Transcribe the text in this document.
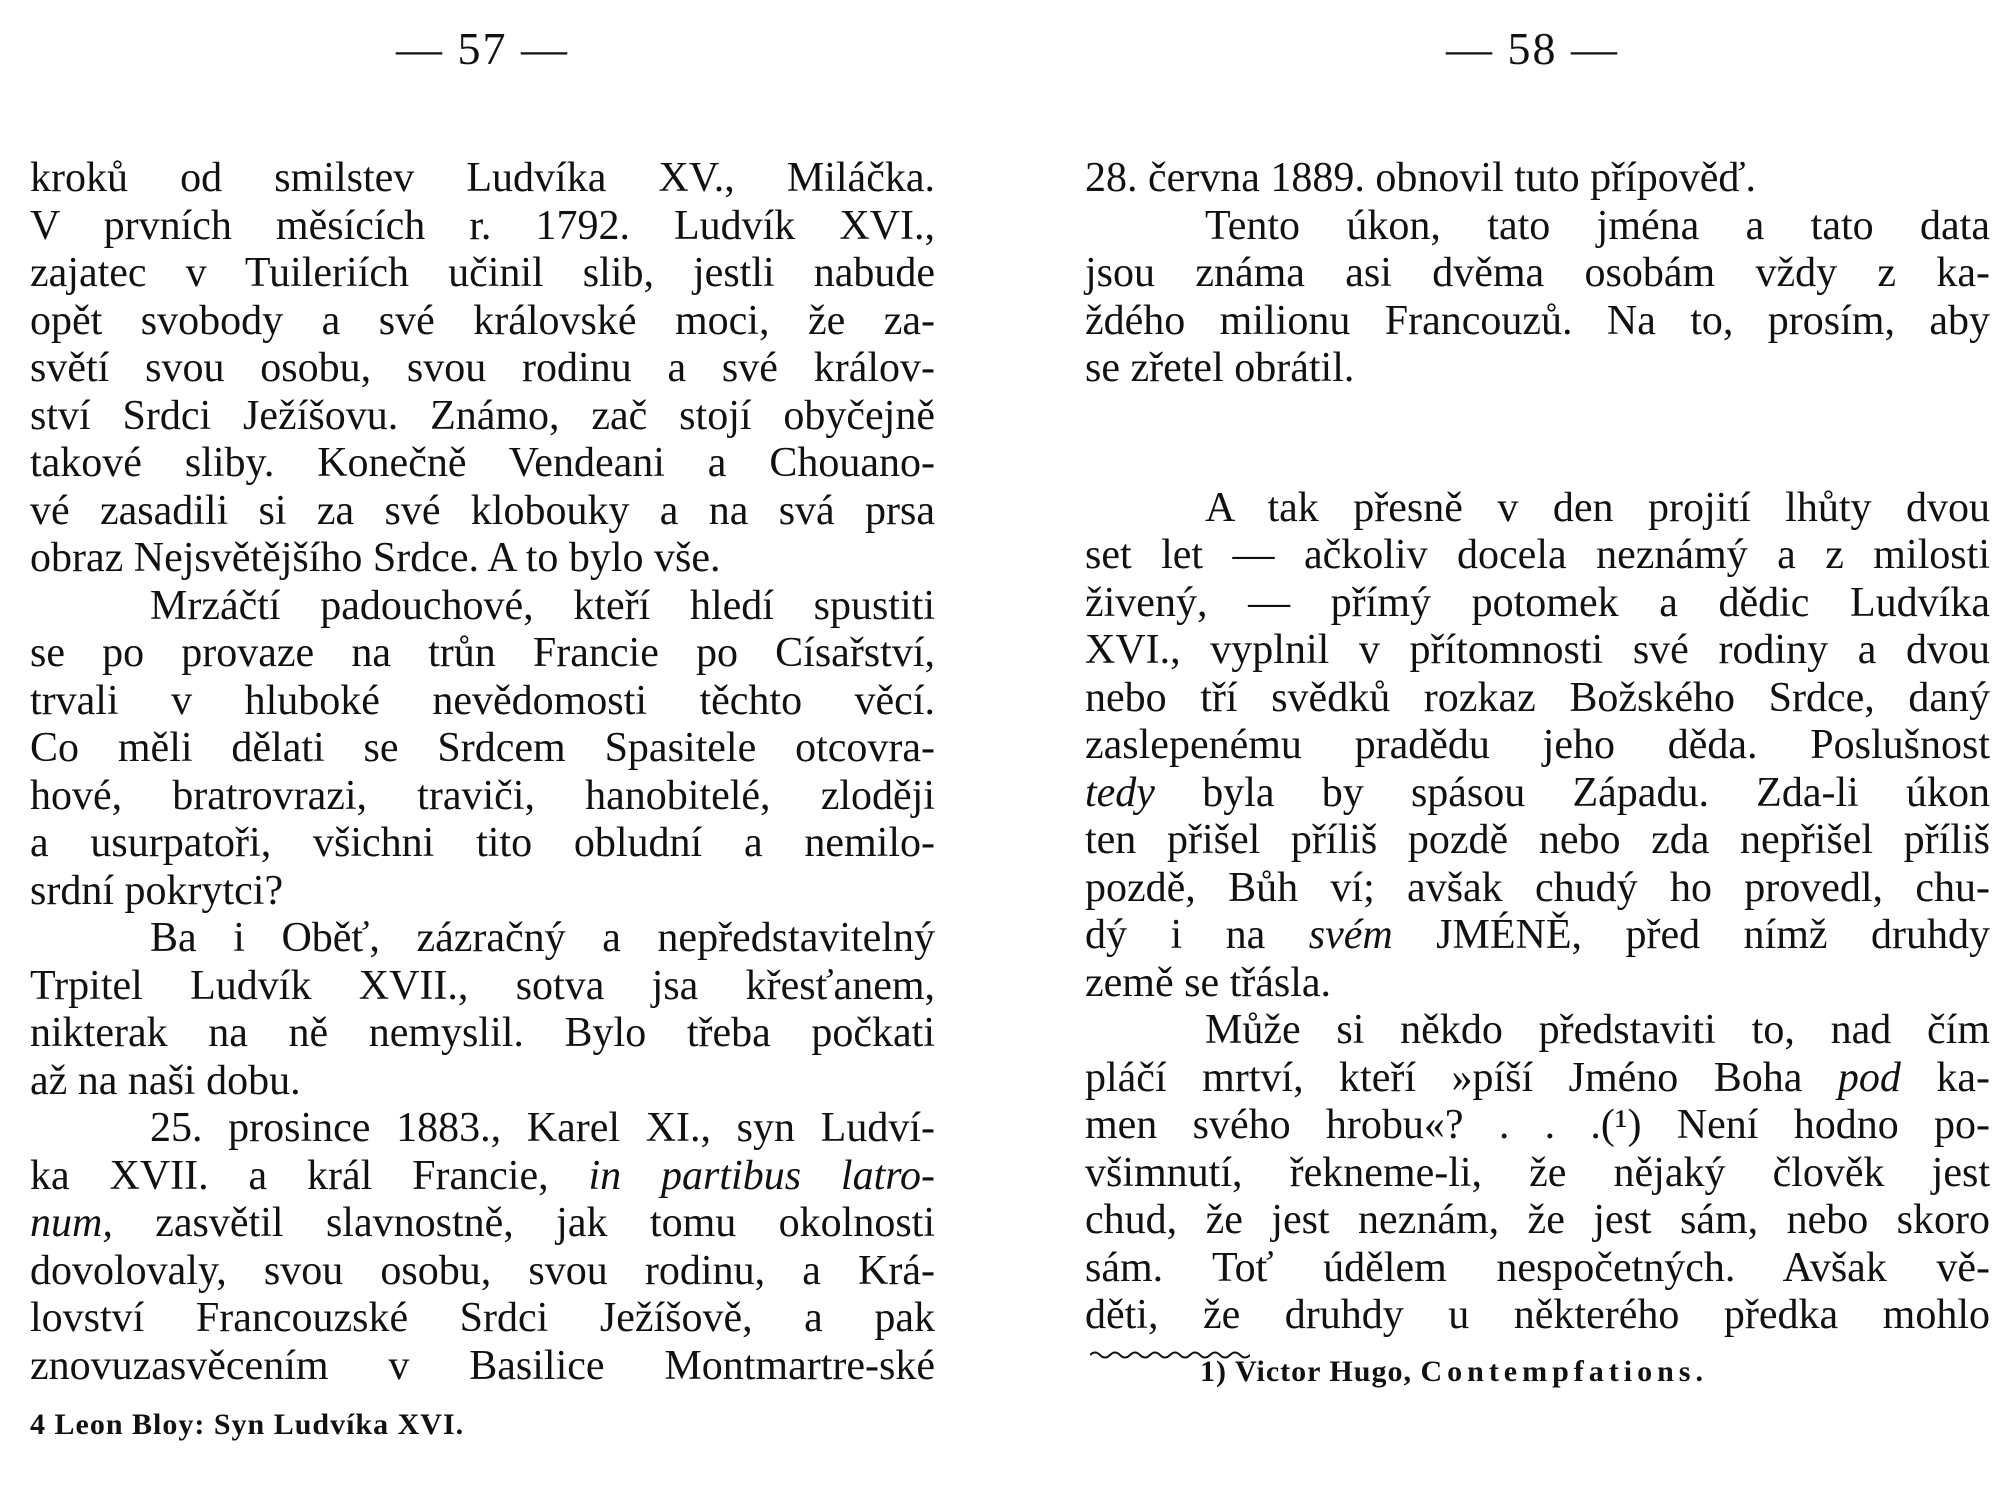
— 57 —	— 58 —
kroků od smilstev Ludvíka XV., Miláčka.
V prvních měsících r. 1792. Ludvík XVI.,
zajatec v Tuileriích učinil slib, jestli nabude
opět svobody a své královské moci, že za-
světí svou osobu, svou rodinu a své králov-
ství Srdci Ježíšovu. Známo, zač stojí obyčejně
takové sliby. Konečně Vendeani a Chouano-
vé zasadili si za své klobouky a na svá prsa
obraz Nejsvětějšího Srdce. A to bylo vše.
Mrzáčtí padouchové, kteří hledí spustiti
se po provaze na trůn Francie po Císařství,
trvali v hluboké nevědomosti těchto věcí.
Co měli dělati se Srdcem Spasitele otcovra-
hové, bratrovrazi, traviči, hanobitelé, zloději
a usurpatoři, všichni tito obludní a nemilo-
srdní pokrytci?
Ba i Oběť, zázračný a nepředstavitelný
Trpitel Ludvík XVII., sotva jsa křesťanem,
nikterak na ně nemyslil. Bylo třeba počkati
až na naši dobu.
25. prosince 1883., Karel XI., syn Ludví-
ka XVII. a král Francie, in partibus latro-
num, zasvětil slavnostně, jak tomu okolnosti
dovolovaly, svou osobu, svou rodinu, a Krá-
lovství Francouzské Srdci Ježíšově, a pak
znovuzasvěcením v Basilice Montmartre-ské
4 Leon Bloy: Syn Ludvíka XVI.
28. června 1889. obnovil tuto přípověď.
Tento úkon, tato jména a tato data
jsou známa asi dvěma osobám vždy z ka-
ždého milionu Francouzů. Na to, prosím, aby
se zřetel obrátil.
A tak přesně v den projití lhůty dvou
set let — ačkoliv docela neznámý a z milosti
živený, — přímý potomek a dědic Ludvíka
XVI., vyplnil v přítomnosti své rodiny a dvou
nebo tří svědků rozkaz Božského Srdce, daný
zaslepenému pradědu jeho děda. Poslušnost
tedy byla by spásou Západu. Zda-li úkon
ten přišel příliš pozdě nebo zda nepřišel příliš
pozdě, Bůh ví; avšak chudý ho provedl, chu-
dý i na svém JMÉNĚ, před nímž druhdy
země se třásla.
Může si někdo představiti to, nad čím
pláčí mrtví, kteří »píší Jméno Boha pod ka-
men svého hrobu«? . . .(¹) Není hodno po-
všimnutí, řekneme-li, že nějaký člověk jest
chud, že jest neznám, že jest sám, nebo skoro
sám. Toť údělem nespočetných. Avšak vě-
děti, že druhdy u některého předka mohlo
1) Victor Hugo, Contempfations.
